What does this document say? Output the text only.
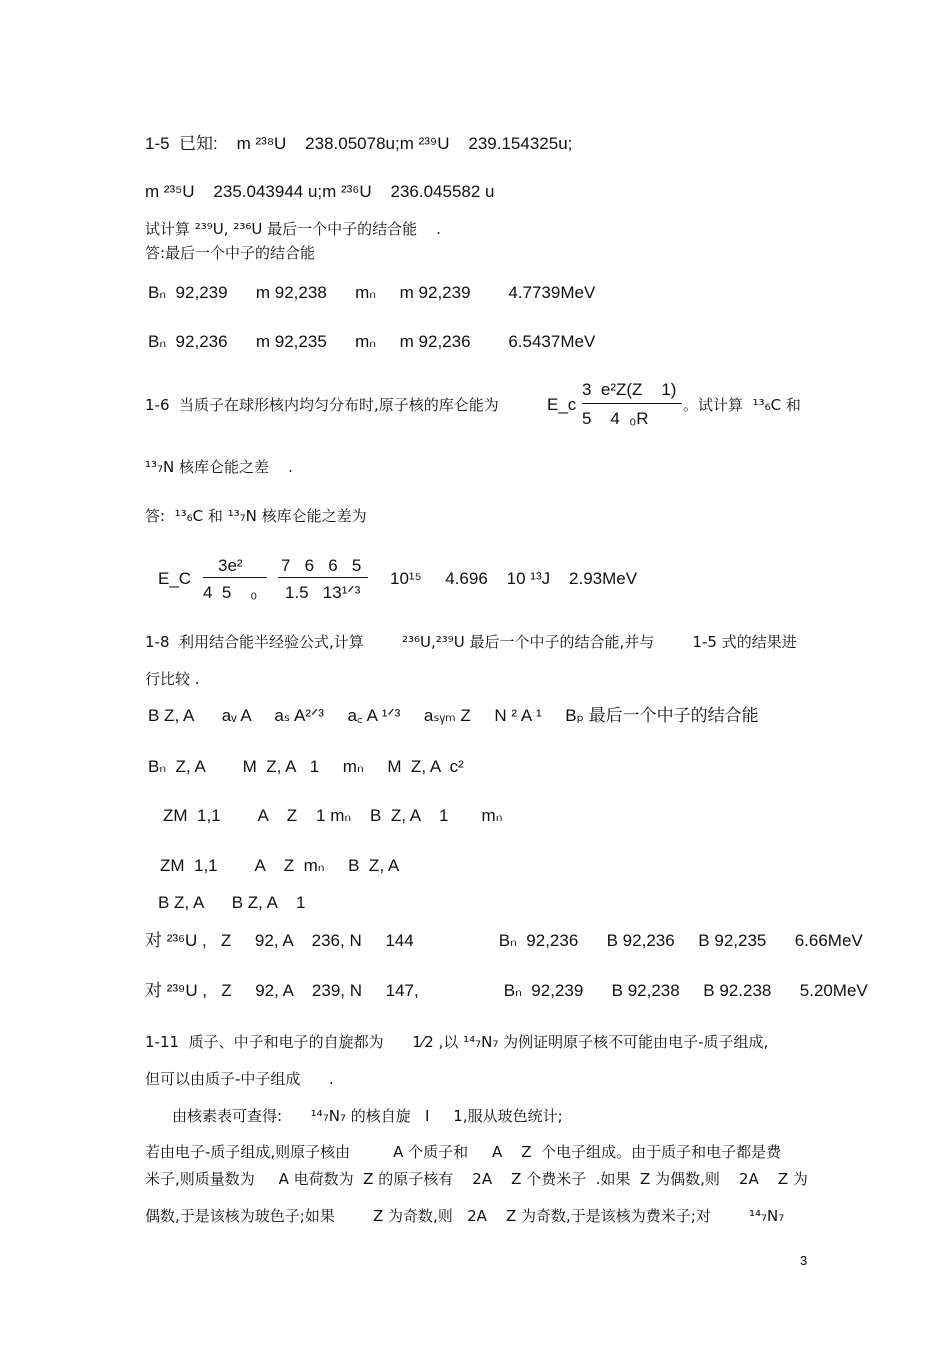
1-5  已知:    m ²³⁸U    238.05078u;m ²³⁹U    239.154325u;
m ²³⁵U    235.043944 u;m ²³⁶U    236.045582 u
试计算 ²³⁹U, ²³⁶U 最后一个中子的结合能    .
答:最后一个中子的结合能
Bₙ  92,239      m 92,238      mₙ     m 92,239        4.7739MeV
Bₙ  92,236      m 92,235      mₙ     m 92,236        6.5437MeV
1-6  当质子在球形核内均匀分布时,原子核的库仑能为	E_c
3  e²Z(Z    1)
5    4  ₀R
。试计算  ¹³₆C 和
¹³₇N 核库仑能之差    .
答:  ¹³₆C 和 ¹³₇N 核库仑能之差为
E_C
3e²
4  5    ₀
7   6   6   5
1.5   13¹ᐟ³
10¹⁵     4.696    10 ¹³J    2.93MeV
1-8  利用结合能半经验公式,计算        ²³⁶U,²³⁹U 最后一个中子的结合能,并与        1-5 式的结果进
行比较 .
B Z, A      aᵥ A     aₛ A²ᐟ³     a꜀ A ¹ᐟ³     aₛᵧₘ Z     N ² A ¹     Bₚ 最后一个中子的结合能
Bₙ  Z, A        M  Z, A   1     mₙ     M  Z, A  c²
ZM  1,1        A    Z    1 mₙ    B  Z, A    1       mₙ
ZM  1,1        A    Z  mₙ     B  Z, A
B Z, A      B Z, A    1
对 ²³⁶U ,   Z     92, A    236, N     144                  Bₙ  92,236      B 92,236     B 92,235      6.66MeV
对 ²³⁹U ,   Z     92, A    239, N     147,                  Bₙ  92,239      B 92,238     B 92.238      5.20MeV
1-11  质子、中子和电子的自旋都为      1⁄2 ,以 ¹⁴₇N₇ 为例证明原子核不可能由电子-质子组成,
但可以由质子-中子组成      .
由核素表可查得:      ¹⁴₇N₇ 的核自旋   I     1,服从玻色统计;
若由电子-质子组成,则原子核由         A 个质子和     A    Z  个电子组成。由于质子和电子都是费
米子,则质量数为     A 电荷数为  Z 的原子核有    2A    Z 个费米子  .如果  Z 为偶数,则    2A    Z 为
偶数,于是该核为玻色子;如果        Z 为奇数,则   2A    Z 为奇数,于是该核为费米子;对        ¹⁴₇N₇
3
